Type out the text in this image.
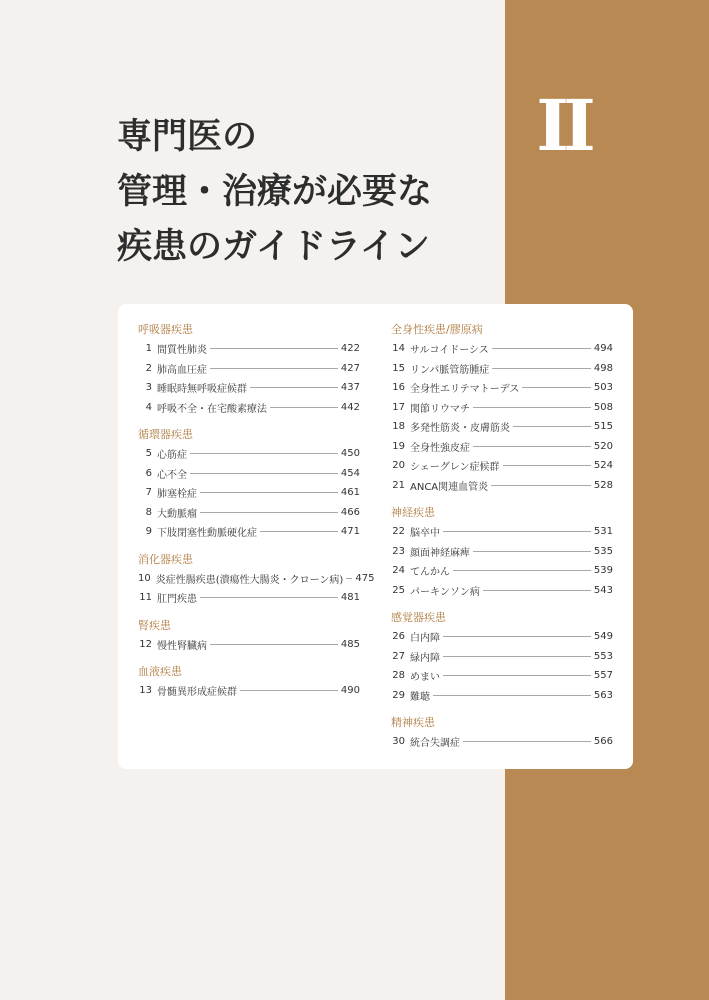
II
専門医の
管理・治療が必要な
疾患のガイドライン
呼吸器疾患
1 間質性肺炎	422
2 肺高血圧症	427
3 睡眠時無呼吸症候群	437
4 呼吸不全・在宅酸素療法	442
循環器疾患
5 心筋症	450
6 心不全	454
7 肺塞栓症	461
8 大動脈瘤	466
9 下肢閉塞性動脈硬化症	471
消化器疾患
10 炎症性腸疾患(潰瘍性大腸炎・クローン病) 475
11 肛門疾患	481
腎疾患
12 慢性腎臓病	485
血液疾患
13 骨髄異形成症候群	490
全身性疾患/膠原病
14 サルコイドーシス	494
15 リンパ脈管筋腫症	498
16 全身性エリテマトーデス	503
17 関節リウマチ	508
18 多発性筋炎・皮膚筋炎	515
19 全身性強皮症	520
20 シェーグレン症候群	524
21 ANCA関連血管炎	528
神経疾患
22 脳卒中	531
23 顔面神経麻痺	535
24 てんかん	539
25 パーキンソン病	543
感覚器疾患
26 白内障	549
27 緑内障	553
28 めまい	557
29 難聴	563
精神疾患
30 統合失調症	566
